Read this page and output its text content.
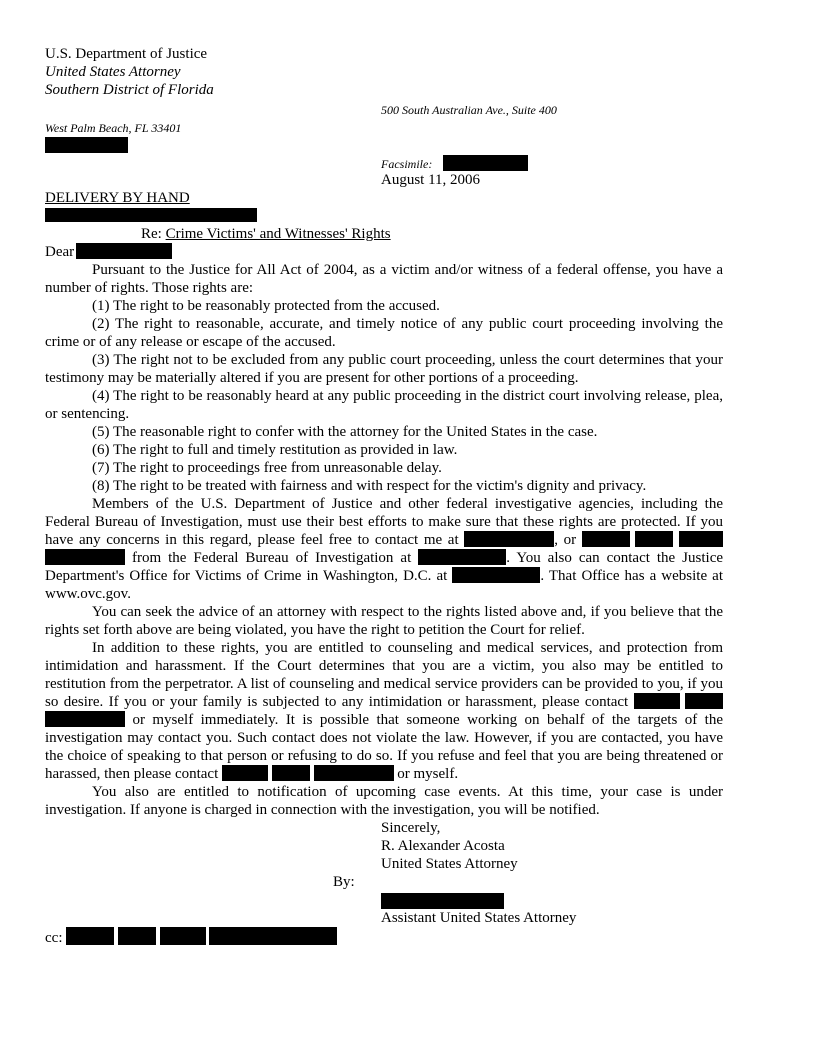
U.S. Department of Justice
United States Attorney
Southern District of Florida
500 South Australian Ave., Suite 400
West Palm Beach, FL 33401
Facsimile:
August 11, 2006
DELIVERY BY HAND
Re: Crime Victims' and Witnesses' Rights
Dear

Pursuant to the Justice for All Act of 2004, as a victim and/or witness of a federal offense, you have a number of rights. Those rights are:

(1) The right to be reasonably protected from the accused.

(2) The right to reasonable, accurate, and timely notice of any public court proceeding involving the crime or of any release or escape of the accused.

(3) The right not to be excluded from any public court proceeding, unless the court determines that your testimony may be materially altered if you are present for other portions of a proceeding.

(4) The right to be reasonably heard at any public proceeding in the district court involving release, plea, or sentencing.

(5) The reasonable right to confer with the attorney for the United States in the case.

(6) The right to full and timely restitution as provided in law.

(7) The right to proceedings free from unreasonable delay.

(8) The right to be treated with fairness and with respect for the victim's dignity and privacy.

Members of the U.S. Department of Justice and other federal investigative agencies, including the Federal Bureau of Investigation, must use their best efforts to make sure that these rights are protected. If you have any concerns in this regard, please feel free to contact me at	, or     from the Federal Bureau of Investigation at	. You also can contact the Justice Department's Office for Victims of Crime in Washington, D.C. at	. That Office has a website at www.ovc.gov.

You can seek the advice of an attorney with respect to the rights listed above and, if you believe that the rights set forth above are being violated, you have the right to petition the Court for relief.

In addition to these rights, you are entitled to counseling and medical services, and protection from intimidation and harassment. If the Court determines that you are a victim, you also may be entitled to restitution from the perpetrator. A list of counseling and medical service providers can be provided to you, if you so desire. If you or your family is subjected to any intimidation or harassment, please contact    or myself immediately. It is possible that someone working on behalf of the targets of the investigation may contact you. Such contact does not violate the law. However, if you are contacted, you have the choice of speaking to that person or refusing to do so. If you refuse and feel that you are being threatened or harassed, then please contact	or myself.

You also are entitled to notification of upcoming case events. At this time, your case is under investigation. If anyone is charged in connection with the investigation, you will be notified.

Sincerely,
R. Alexander Acosta
United States Attorney
By:
Assistant United States Attorney
cc:
